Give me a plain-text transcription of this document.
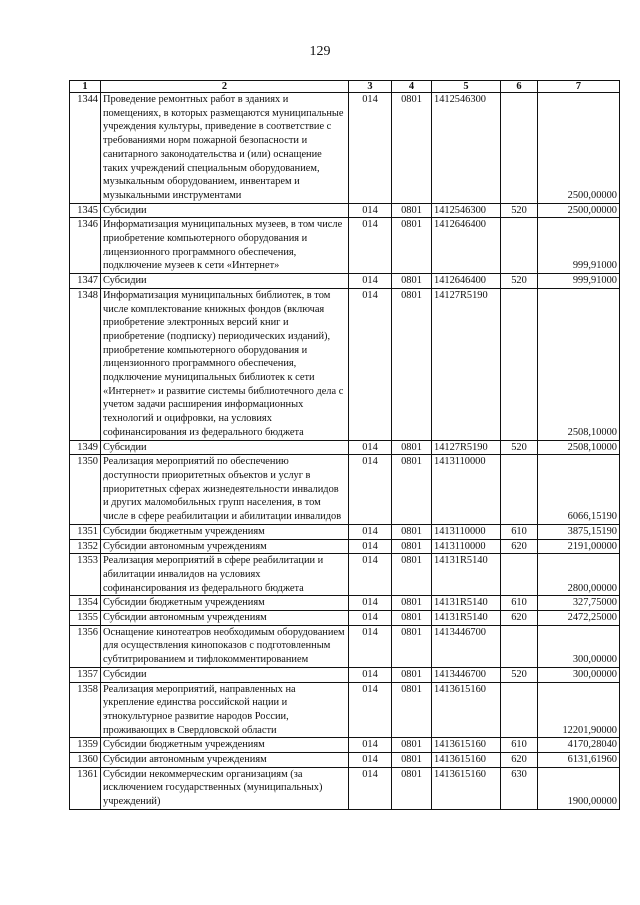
129
1	2	3	4	5	6	7
1344	Проведение ремонтных работ в зданиях и помещениях, в которых размещаются муниципальные учреждения культуры, приведение в соответствие с требованиями норм пожарной безопасности и санитарного законодательства и (или) оснащение таких учреждений специальным оборудованием, музыкальным оборудованием, инвентарем и музыкальными инструментами	014	0801	1412546300		2500,00000
1345	Субсидии	014	0801	1412546300	520	2500,00000
1346	Информатизация муниципальных музеев, в том числе приобретение компьютерного оборудования и лицензионного программного обеспечения, подключение музеев к сети «Интернет»	014	0801	1412646400		999,91000
1347	Субсидии	014	0801	1412646400	520	999,91000
1348	Информатизация муниципальных библиотек, в том числе комплектование книжных фондов (включая приобретение электронных версий книг и приобретение (подписку) периодических изданий), приобретение компьютерного оборудования и лицензионного программного обеспечения, подключение муниципальных библиотек к сети «Интернет» и развитие системы библиотечного дела с учетом задачи расширения информационных технологий и оцифровки, на условиях софинансирования из федерального бюджета	014	0801	14127R5190		2508,10000
1349	Субсидии	014	0801	14127R5190	520	2508,10000
1350	Реализация мероприятий по обеспечению доступности приоритетных объектов и услуг в приоритетных сферах жизнедеятельности инвалидов и других маломобильных групп населения, в том числе в сфере реабилитации и абилитации инвалидов	014	0801	1413110000		6066,15190
1351	Субсидии бюджетным учреждениям	014	0801	1413110000	610	3875,15190
1352	Субсидии автономным учреждениям	014	0801	1413110000	620	2191,00000
1353	Реализация мероприятий в сфере реабилитации и абилитации инвалидов на условиях софинансирования из федерального бюджета	014	0801	14131R5140		2800,00000
1354	Субсидии бюджетным учреждениям	014	0801	14131R5140	610	327,75000
1355	Субсидии автономным учреждениям	014	0801	14131R5140	620	2472,25000
1356	Оснащение кинотеатров необходимым оборудованием для осуществления кинопоказов с подготовленным субтитрированием и тифлокомментированием	014	0801	1413446700		300,00000
1357	Субсидии	014	0801	1413446700	520	300,00000
1358	Реализация мероприятий, направленных на укрепление единства российской нации и этнокультурное развитие народов России, проживающих в Свердловской области	014	0801	1413615160		12201,90000
1359	Субсидии бюджетным учреждениям	014	0801	1413615160	610	4170,28040
1360	Субсидии автономным учреждениям	014	0801	1413615160	620	6131,61960
1361	Субсидии некоммерческим организациям (за исключением государственных (муниципальных) учреждений)	014	0801	1413615160	630	1900,00000
